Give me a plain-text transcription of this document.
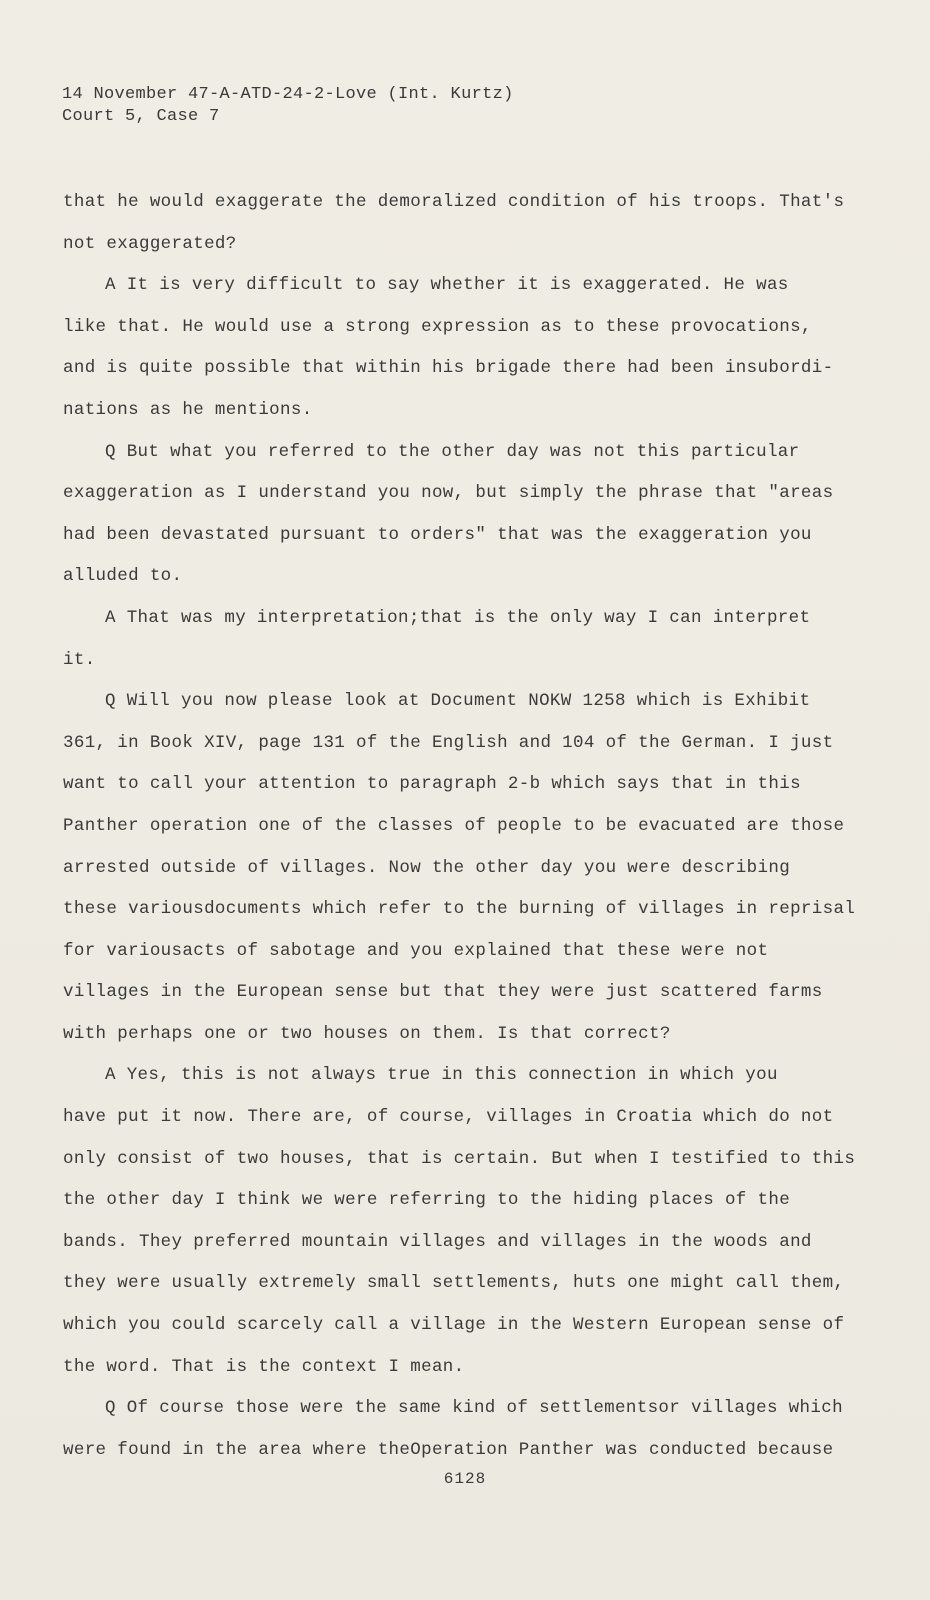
14 November 47-A-ATD-24-2-Love (Int. Kurtz)
Court 5, Case 7
that he would exaggerate the demoralized condition of his troops. That's
not exaggerated?
A It is very difficult to say whether it is exaggerated. He was
like that. He would use a strong expression as to these provocations,
and is quite possible that within his brigade there had been insubordi-
nations as he mentions.
Q But what you referred to the other day was not this particular
exaggeration as I understand you now, but simply the phrase that "areas
had been devastated pursuant to orders" that was the exaggeration you
alluded to.
A That was my interpretation;that is the only way I can interpret
it.
Q Will you now please look at Document NOKW 1258 which is Exhibit
361, in Book XIV, page 131 of the English and 104 of the German. I just
want to call your attention to paragraph 2-b which says that in this
Panther operation one of the classes of people to be evacuated are those
arrested outside of villages. Now the other day you were describing
these variousdocuments which refer to the burning of villages in reprisal
for variousacts of sabotage and you explained that these were not
villages in the European sense but that they were just scattered farms
with perhaps one or two houses on them. Is that correct?
A Yes, this is not always true in this connection in which you
have put it now. There are, of course, villages in Croatia which do not
only consist of two houses, that is certain. But when I testified to this
the other day I think we were referring to the hiding places of the
bands. They preferred mountain villages and villages in the woods and
they were usually extremely small settlements, huts one might call them,
which you could scarcely call a village in the Western European sense of
the word. That is the context I mean.
Q Of course those were the same kind of settlementsor villages which
were found in the area where theOperation Panther was conducted because
6128
